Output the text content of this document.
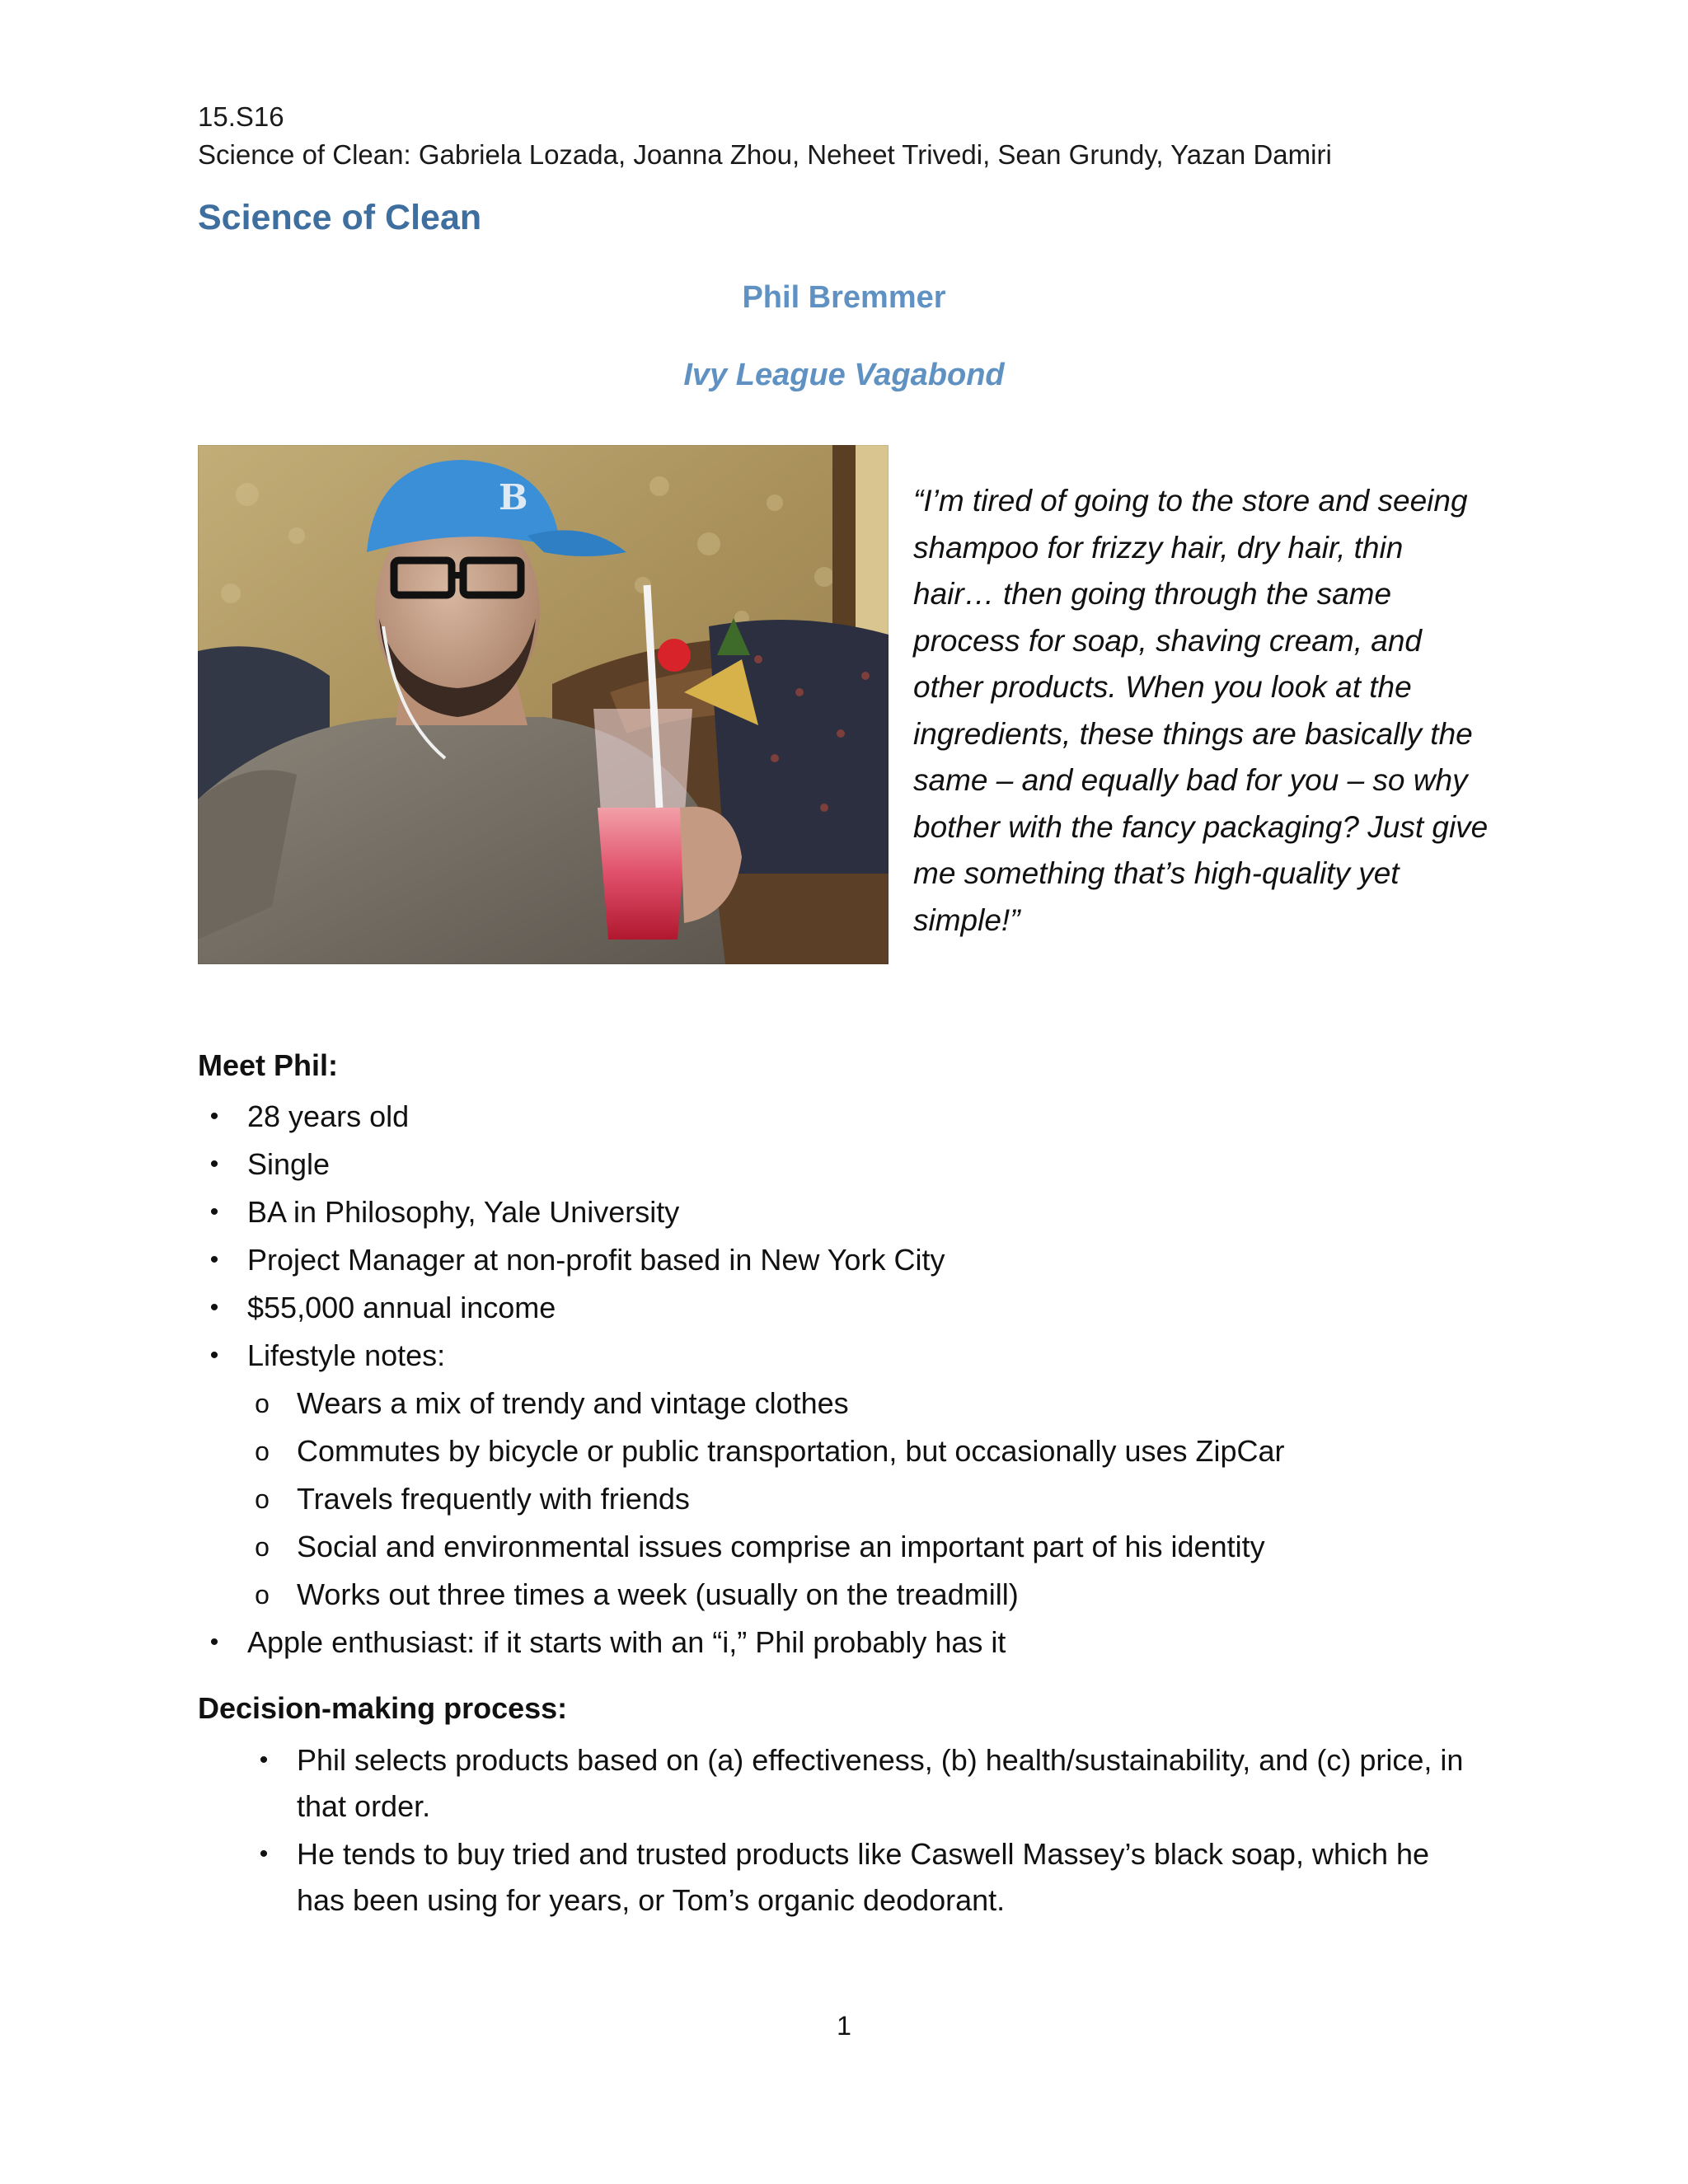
15.S16
Science of Clean: Gabriela Lozada, Joanna Zhou, Neheet Trivedi, Sean Grundy, Yazan Damiri
Science of Clean
Phil Bremmer
Ivy League Vagabond
B	“I’m tired of going to the store and seeing shampoo for frizzy hair, dry hair, thin hair… then going through the same process for soap, shaving cream, and other products. When you look at the ingredients, these things are basically the same – and equally bad for you – so why bother with the fancy packaging? Just give me something that’s high-quality yet simple!”
Meet Phil:
• 28 years old
• Single
• BA in Philosophy, Yale University
• Project Manager at non-profit based in New York City
• $55,000 annual income
• Lifestyle notes:
o Wears a mix of trendy and vintage clothes
o Commutes by bicycle or public transportation, but occasionally uses ZipCar
o Travels frequently with friends
o Social and environmental issues comprise an important part of his identity
o Works out three times a week (usually on the treadmill)
• Apple enthusiast: if it starts with an “i,” Phil probably has it
Decision-making process:
• Phil selects products based on (a) effectiveness, (b) health/sustainability, and (c) price, in that order.
• He tends to buy tried and trusted products like Caswell Massey’s black soap, which he has been using for years, or Tom’s organic deodorant.
1
